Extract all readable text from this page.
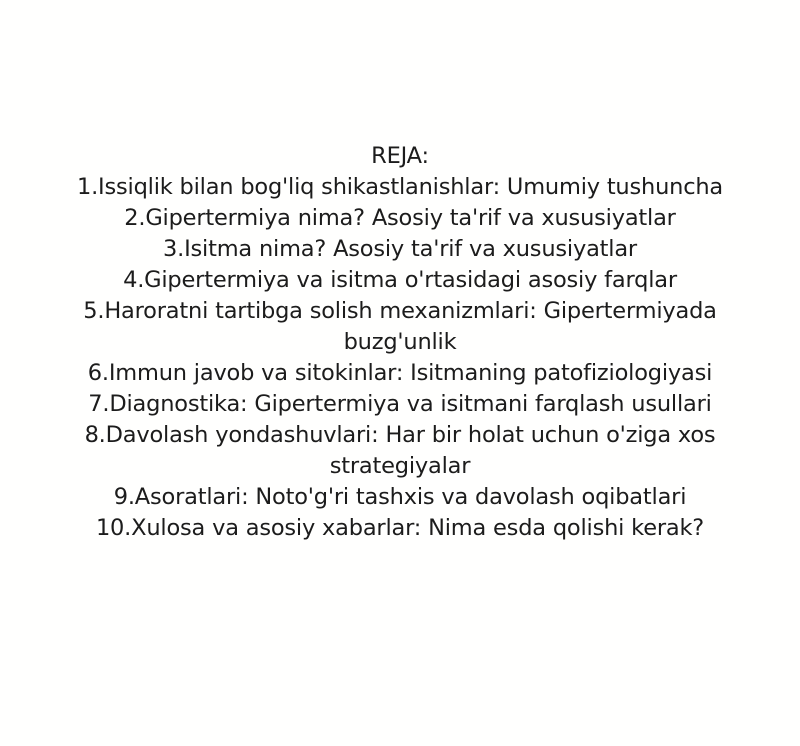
REJA:
1.Issiqlik bilan bog'liq shikastlanishlar: Umumiy tushuncha
2.Gipertermiya nima? Asosiy ta'rif va xususiyatlar
3.Isitma nima? Asosiy ta'rif va xususiyatlar
4.Gipertermiya va isitma o'rtasidagi asosiy farqlar
5.Haroratni tartibga solish mexanizmlari: Gipertermiyada buzg'unlik
6.Immun javob va sitokinlar: Isitmaning patofiziologiyasi
7.Diagnostika: Gipertermiya va isitmani farqlash usullari
8.Davolash yondashuvlari: Har bir holat uchun o'ziga xos strategiyalar
9.Asoratlari: Noto'g'ri tashxis va davolash oqibatlari
10.Xulosa va asosiy xabarlar: Nima esda qolishi kerak?
